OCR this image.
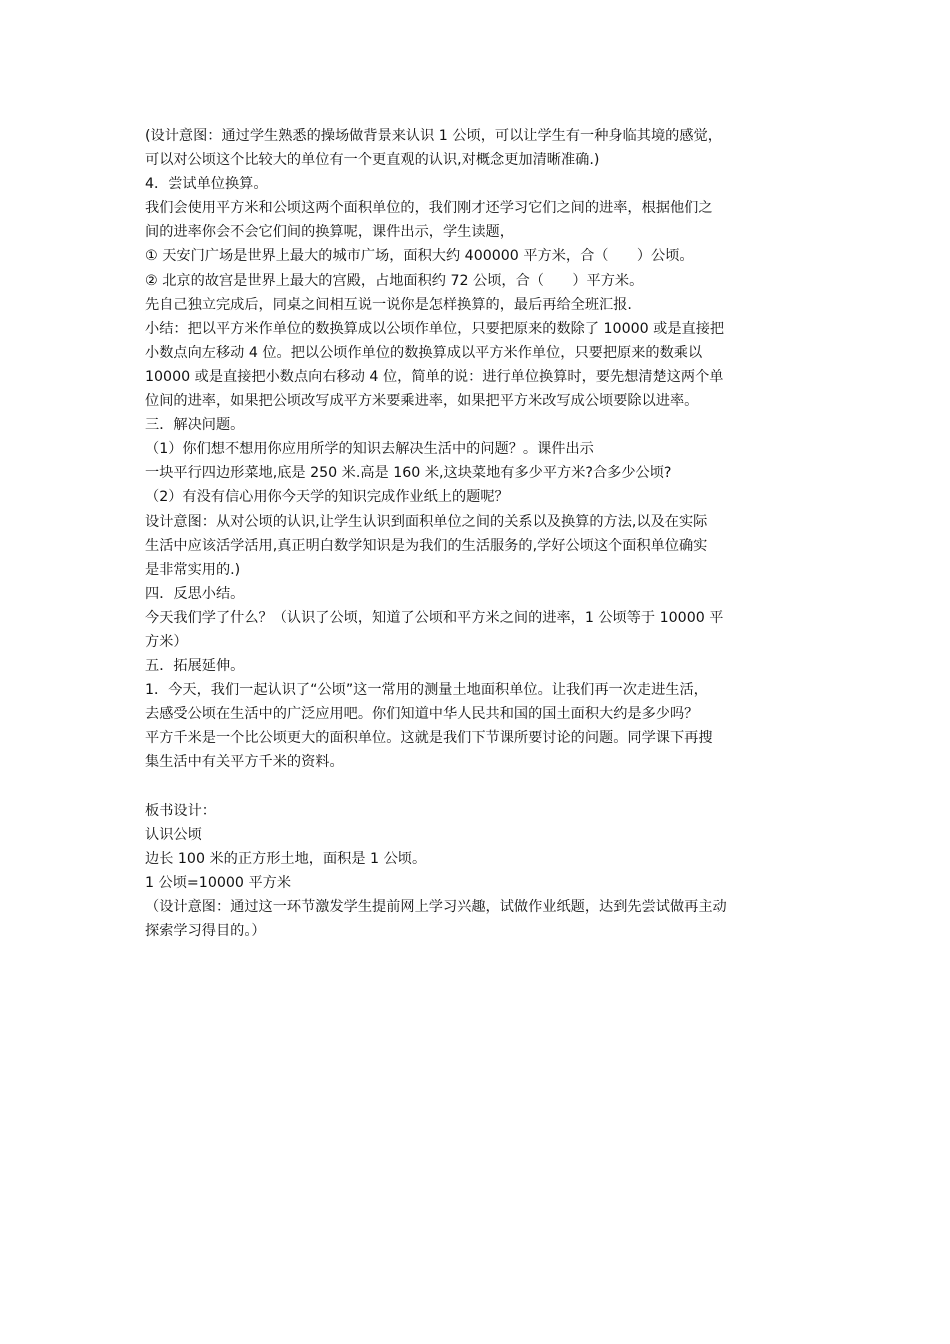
(设计意图：通过学生熟悉的操场做背景来认识 1 公顷，可以让学生有一种身临其境的感觉，
可以对公顷这个比较大的单位有一个更直观的认识,对概念更加清晰准确.)
4．尝试单位换算。
我们会使用平方米和公顷这两个面积单位的，我们刚才还学习它们之间的进率，根据他们之
间的进率你会不会它们间的换算呢，课件出示，学生读题，
① 天安门广场是世界上最大的城市广场，面积大约 400000 平方米，合（　　）公顷。
② 北京的故宫是世界上最大的宫殿，占地面积约 72 公顷，合（　　）平方米。
先自己独立完成后，同桌之间相互说一说你是怎样换算的，最后再给全班汇报.
小结：把以平方米作单位的数换算成以公顷作单位，只要把原来的数除了 10000 或是直接把
小数点向左移动 4 位。把以公顷作单位的数换算成以平方米作单位，只要把原来的数乘以
10000 或是直接把小数点向右移动 4 位，简单的说：进行单位换算时，要先想清楚这两个单
位间的进率，如果把公顷改写成平方米要乘进率，如果把平方米改写成公顷要除以进率。
三．解决问题。
（1）你们想不想用你应用所学的知识去解决生活中的问题？。课件出示
一块平行四边形菜地,底是 250 米.高是 160 米,这块菜地有多少平方米?合多少公顷?
（2）有没有信心用你今天学的知识完成作业纸上的题呢？
设计意图：从对公顷的认识,让学生认识到面积单位之间的关系以及换算的方法,以及在实际
生活中应该活学活用,真正明白数学知识是为我们的生活服务的,学好公顷这个面积单位确实
是非常实用的.)
四．反思小结。
今天我们学了什么？（认识了公顷，知道了公顷和平方米之间的进率，1 公顷等于 10000 平
方米）
五．拓展延伸。
1．今天，我们一起认识了“公顷”这一常用的测量土地面积单位。让我们再一次走进生活，
去感受公顷在生活中的广泛应用吧。你们知道中华人民共和国的国土面积大约是多少吗？
平方千米是一个比公顷更大的面积单位。这就是我们下节课所要讨论的问题。同学课下再搜
集生活中有关平方千米的资料。
板书设计：
认识公顷
边长 100 米的正方形土地，面积是 1 公顷。
1 公顷=10000 平方米
（设计意图：通过这一环节激发学生提前网上学习兴趣，试做作业纸题，达到先尝试做再主动
探索学习得目的。）
